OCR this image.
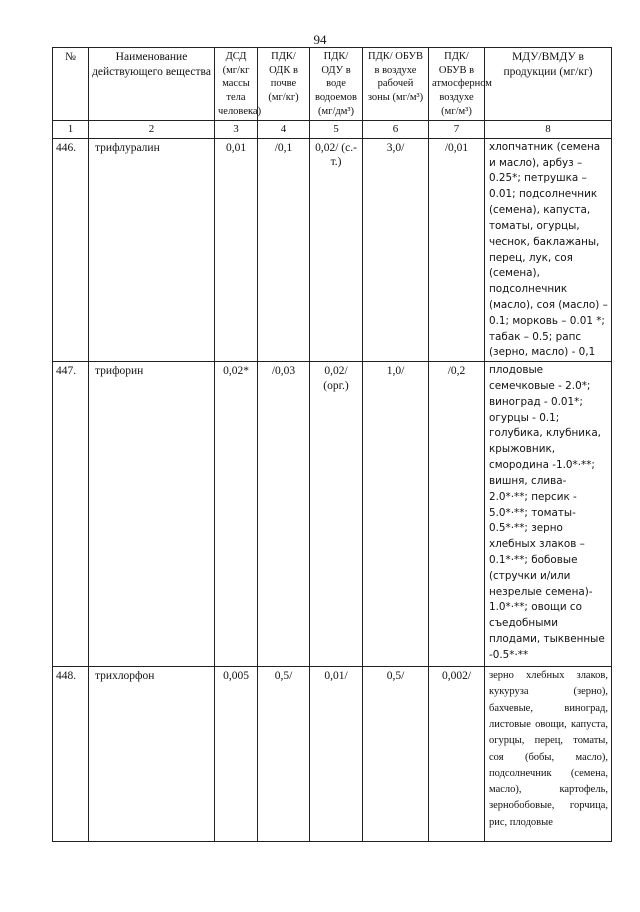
94
№	Наименование действующего вещества	ДСД (мг/кг массы тела человека)	ПДК/ ОДК в почве (мг/кг)	ПДК/ ОДУ в воде водоемов (мг/дм³)	ПДК/ ОБУВ в воздухе рабочей зоны (мг/м³)	ПДК/ ОБУВ в атмосферном воздухе (мг/м³)	МДУ/ВМДУ в продукции (мг/кг)
1	2	3	4	5	6	7	8
446.	трифлуралин	0,01	/0,1	0,02/ (с.-т.)	3,0/	/0,01	хлопчатник (семена и масло), арбуз – 0.25*; петрушка – 0.01; подсолнечник (семена), капуста, томаты, огурцы, чеснок, баклажаны, перец, лук, соя (семена), подсолнечник (масло), соя (масло) – 0.1; морковь – 0.01 *; табак – 0.5; рапс (зерно, масло) - 0,1
447.	трифорин	0,02*	/0,03	0,02/ (орг.)	1,0/	/0,2	плодовые семечковые - 2.0*; виноград - 0.01*; огурцы - 0.1; голубика, клубника, крыжовник, смородина -1.0*·**; вишня, слива- 2.0*·**; персик - 5.0*·**; томаты- 0.5*·**; зерно хлебных злаков – 0.1*·**; бобовые (стручки и/или незрелые семена)- 1.0*·**; овощи со съедобными плодами, тыквенные -0.5*·**
448.	трихлорфон	0,005	0,5/	0,01/	0,5/	0,002/	зерно хлебных злаков, кукуруза (зерно), бахчевые, виноград, листовые овощи, капуста, огурцы, перец, томаты, соя (бобы, масло), подсолнечник (семена, масло), картофель, зернобобовые, горчица, рис, плодовые
